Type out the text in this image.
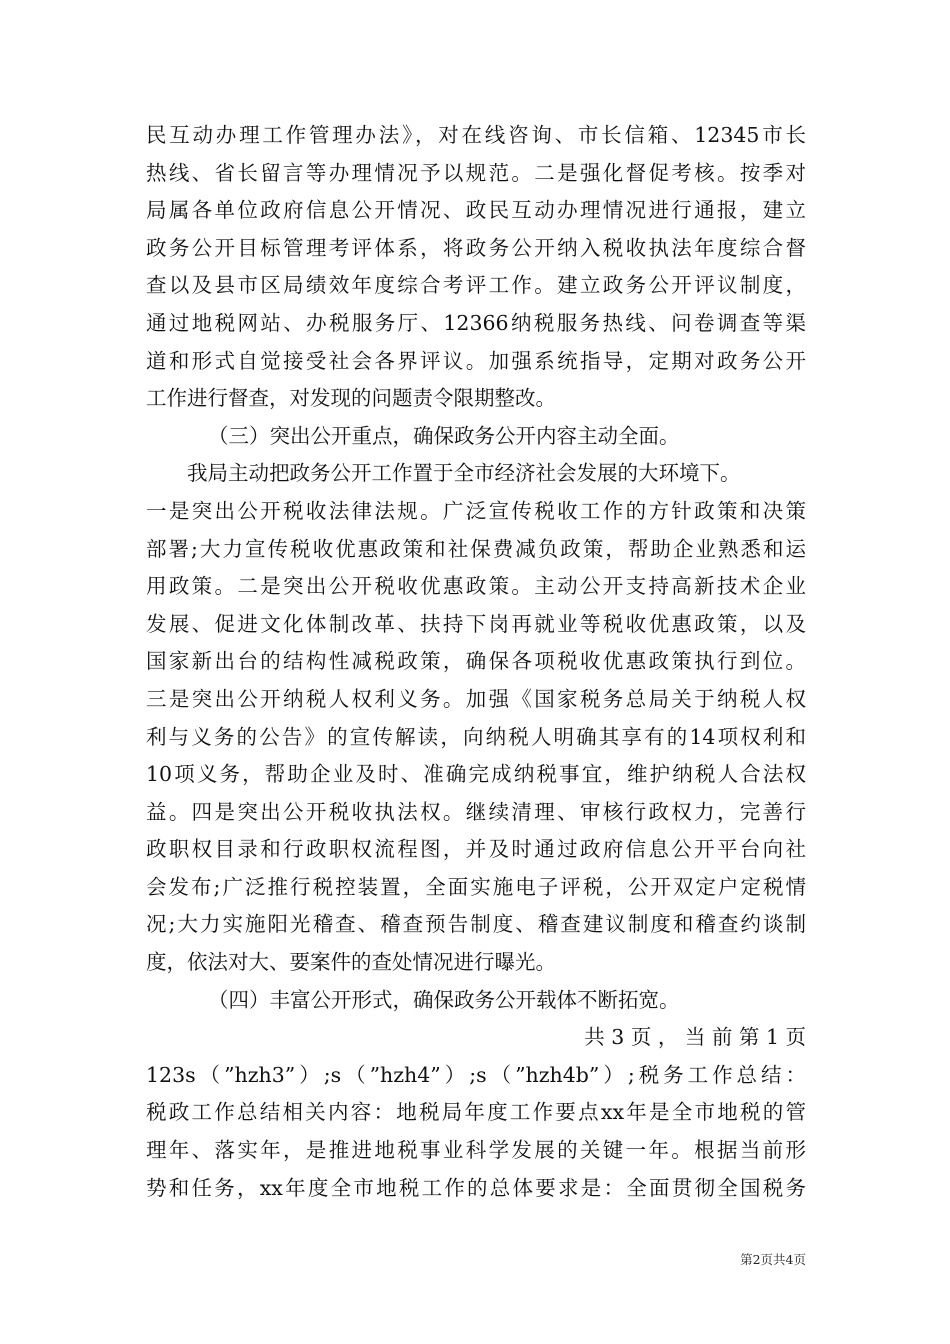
民互动办理工作管理办法》，对在线咨询、市长信箱、12345市长
热线、省长留言等办理情况予以规范。二是强化督促考核。按季对
局属各单位政府信息公开情况、政民互动办理情况进行通报，建立
政务公开目标管理考评体系，将政务公开纳入税收执法年度综合督
查以及县市区局绩效年度综合考评工作。建立政务公开评议制度，
通过地税网站、办税服务厅、12366纳税服务热线、问卷调查等渠
道和形式自觉接受社会各界评议。加强系统指导，定期对政务公开
工作进行督查，对发现的问题责令限期整改。
（三）突出公开重点，确保政务公开内容主动全面。
我局主动把政务公开工作置于全市经济社会发展的大环境下。
一是突出公开税收法律法规。广泛宣传税收工作的方针政策和决策
部署;大力宣传税收优惠政策和社保费减负政策，帮助企业熟悉和运
用政策。二是突出公开税收优惠政策。主动公开支持高新技术企业
发展、促进文化体制改革、扶持下岗再就业等税收优惠政策，以及
国家新出台的结构性减税政策，确保各项税收优惠政策执行到位。
三是突出公开纳税人权利义务。加强《国家税务总局关于纳税人权
利与义务的公告》的宣传解读，向纳税人明确其享有的14项权利和
10项义务，帮助企业及时、准确完成纳税事宜，维护纳税人合法权
益。四是突出公开税收执法权。继续清理、审核行政权力，完善行
政职权目录和行政职权流程图，并及时通过政府信息公开平台向社
会发布;广泛推行税控装置，全面实施电子评税，公开双定户定税情
况;大力实施阳光稽查、稽查预告制度、稽查建议制度和稽查约谈制
度，依法对大、要案件的查处情况进行曝光。
（四）丰富公开形式，确保政务公开载体不断拓宽。
共 3 页 ， 当 前 第 1 页
123s（”hzh3”）;s（”hzh4”）;s（”hzh4b”）;税务工作总结：
税政工作总结相关内容：地税局年度工作要点xx年是全市地税的管
理年、落实年，是推进地税事业科学发展的关键一年。根据当前形
势和任务，xx年度全市地税工作的总体要求是：全面贯彻全国税务
第2页共4页
